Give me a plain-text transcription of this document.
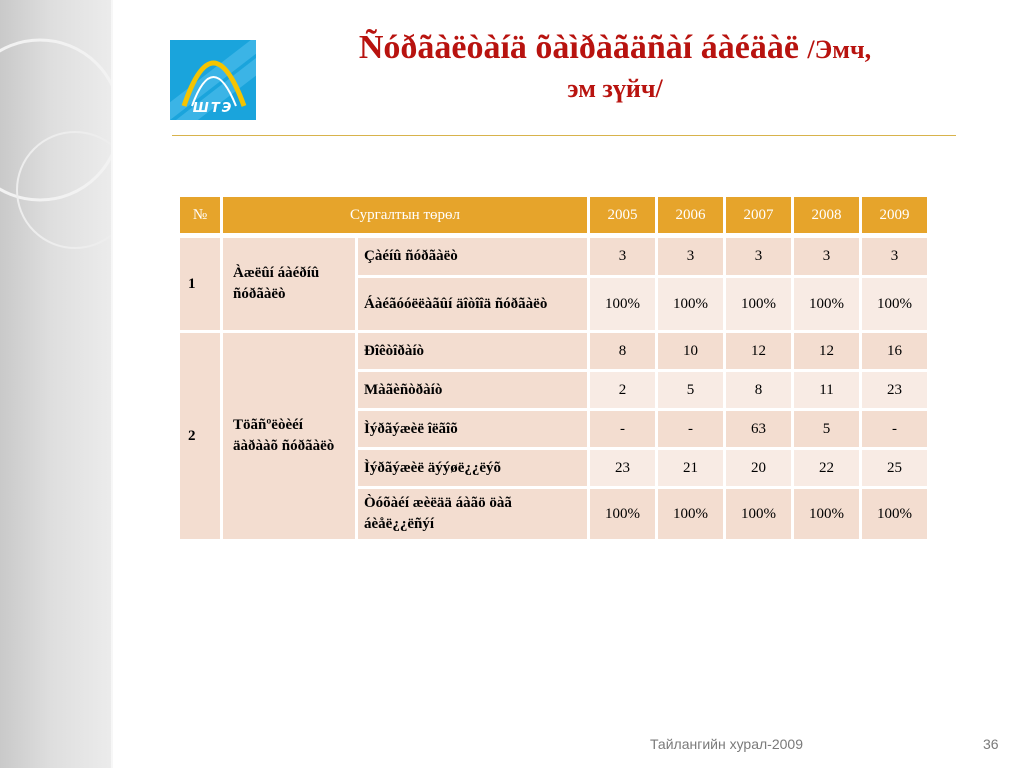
ШТЭ
Ñóðãàëòàíä õàìðàãäñàí áàéäàë /Эмч,
эм зүйч/
№	Сургалтын төрөл		2005	2006	2007	2008	2009
1	Àæëûí áàéðíû ñóðãàëò	Çàéíû ñóðãàëò	3	3	3	3	3
		Áàéãóóëëàãûí äîòîîä ñóðãàëò	100%	100%	100%	100%	100%
2	Töãñºëòèéí äàðààõ ñóðãàëò	Ðîêòîðàíò	8	10	12	12	16
		Màãèñòðàíò	2	5	8	11	23
		Ìýðãýæèë îëãîõ	-	-	63	5	-
		Ìýðãýæèë äýýøë¿¿ëýõ	23	21	20	22	25
		Òóõàéí æèëää áàãö öàã áèåë¿¿ëñýí	100%	100%	100%	100%	100%
Тайлангийн хурал-2009	36
